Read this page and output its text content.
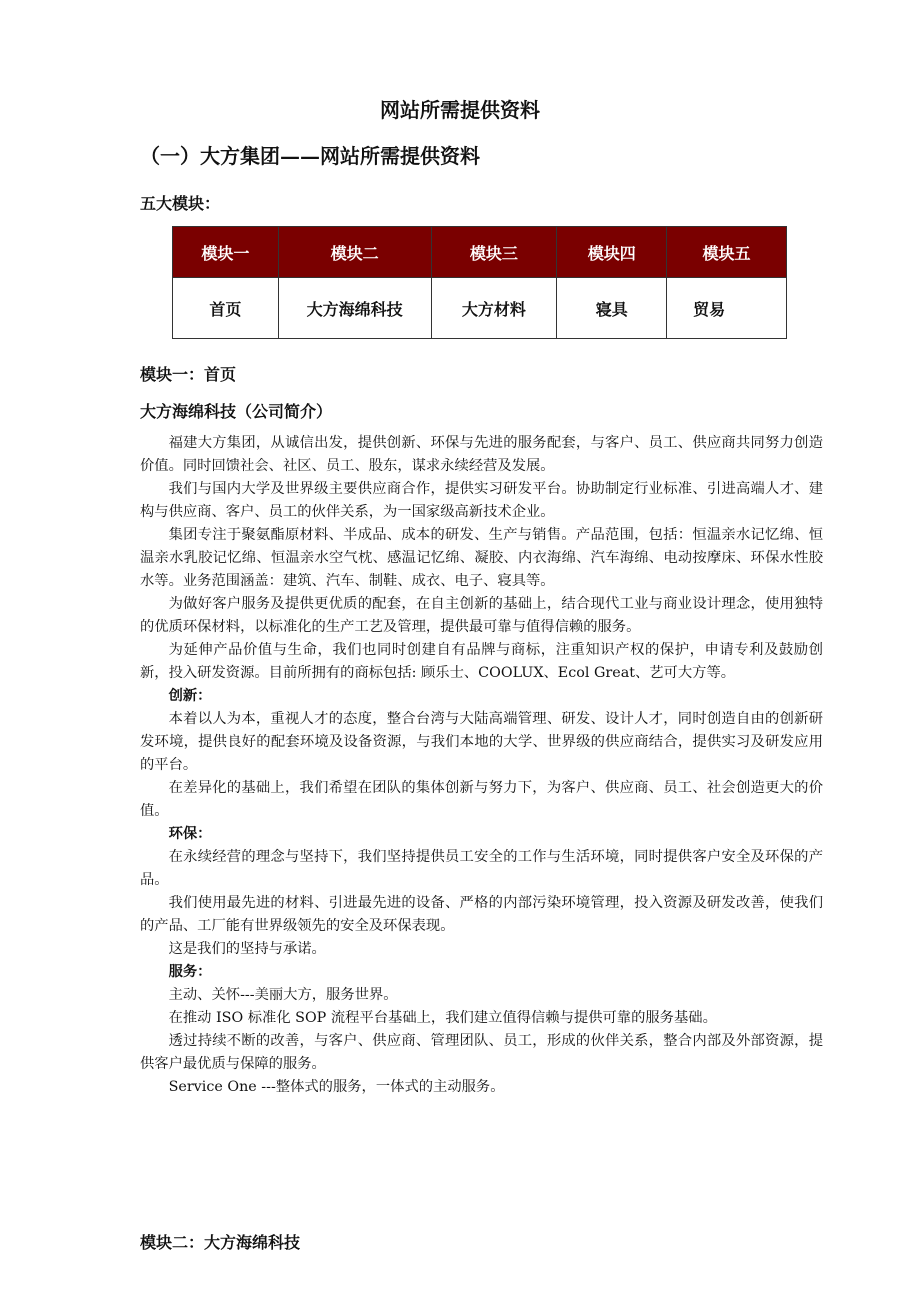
网站所需提供资料
（一）大方集团——网站所需提供资料
五大模块：
模块一	模块二	模块三	模块四	模块五
首页	大方海绵科技	大方材料	寝具	贸易
模块一：首页
大方海绵科技（公司简介）

福建大方集团，从诚信出发，提供创新、环保与先进的服务配套，与客户、员工、供应商共同努力创造价值。同时回馈社会、社区、员工、股东，谋求永续经营及发展。

我们与国内大学及世界级主要供应商合作，提供实习研发平台。协助制定行业标准、引进高端人才、建构与供应商、客户、员工的伙伴关系，为一国家级高新技术企业。

集团专注于聚氨酯原材料、半成品、成本的研发、生产与销售。产品范围，包括：恒温亲水记忆绵、恒温亲水乳胶记忆绵、恒温亲水空气枕、感温记忆绵、凝胶、内衣海绵、汽车海绵、电动按摩床、环保水性胶水等。业务范围涵盖：建筑、汽车、制鞋、成衣、电子、寝具等。

为做好客户服务及提供更优质的配套，在自主创新的基础上，结合现代工业与商业设计理念，使用独特的优质环保材料，以标准化的生产工艺及管理，提供最可靠与值得信赖的服务。

为延伸产品价值与生命，我们也同时创建自有品牌与商标，注重知识产权的保护，申请专利及鼓励创新，投入研发资源。目前所拥有的商标包括: 顾乐士、COOLUX、Ecol Great、艺可大方等。

创新：

本着以人为本，重视人才的态度，整合台湾与大陆高端管理、研发、设计人才，同时创造自由的创新研发环境，提供良好的配套环境及设备资源，与我们本地的大学、世界级的供应商结合，提供实习及研发应用的平台。

在差异化的基础上，我们希望在团队的集体创新与努力下，为客户、供应商、员工、社会创造更大的价值。

环保：

在永续经营的理念与坚持下，我们坚持提供员工安全的工作与生活环境，同时提供客户安全及环保的产品。

我们使用最先进的材料、引进最先进的设备、严格的内部污染环境管理，投入资源及研发改善，使我们的产品、工厂能有世界级领先的安全及环保表现。

这是我们的坚持与承诺。

服务：

主动、关怀---美丽大方，服务世界。

在推动 ISO 标准化 SOP 流程平台基础上，我们建立值得信赖与提供可靠的服务基础。

透过持续不断的改善，与客户、供应商、管理团队、员工，形成的伙伴关系，整合内部及外部资源，提供客户最优质与保障的服务。

Service One ---整体式的服务，一体式的主动服务。

模块二：大方海绵科技
